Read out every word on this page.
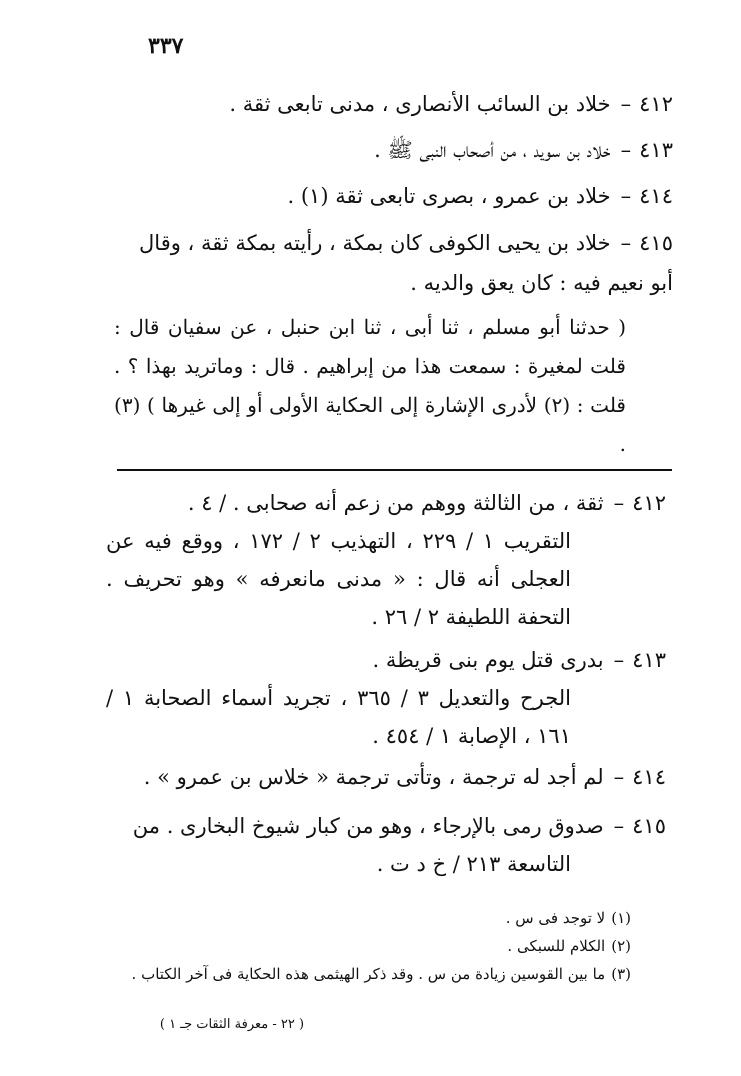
٣٣٧
٤١٢–خلاد بن السائب الأنصارى ، مدنى تابعى ثقة .
٤١٣–خلاد بن سويد ، من أصحاب النبى ﷺ .
٤١٤–خلاد بن عمرو ، بصرى تابعى ثقة (١) .
٤١٥–خلاد بن يحيى الكوفى كان بمكة ، رأيته بمكة ثقة ، وقال أبو نعيم فيه : كان يعق والديه .
( حدثنا أبو مسلم ، ثنا أبى ، ثنا ابن حنبل ، عن سفيان قال : قلت لمغيرة : سمعت هذا من إبراهيم . قال : وماتريد بهذا ؟ . قلت : (٢) لأدرى الإشارة إلى الحكاية الأولى أو إلى غيرها ) (٣) .
٤١٢–ثقة ، من الثالثة ووهم من زعم أنه صحابى . / ٤ .
التقريب ١ / ٢٢٩ ، التهذيب ٢ / ١٧٢ ، ووقع فيه عن العجلى أنه قال : « مدنى مانعرفه » وهو تحريف . التحفة اللطيفة ٢ / ٢٦ .
٤١٣–بدرى قتل يوم بنى قريظة .
الجرح والتعديل ٣ / ٣٦٥ ، تجريد أسماء الصحابة ١ / ١٦١ ، الإصابة ١ / ٤٥٤ .
٤١٤–لم أجد له ترجمة ، وتأتى ترجمة « خلاس بن عمرو » .
٤١٥–صدوق رمى بالإرجاء ، وهو من كبار شيوخ البخارى . من
التاسعة ٢١٣ / خ د ت .
(١)لا توجد فى س .
(٢)الكلام للسبكى .
(٣)ما بين القوسين زيادة من س . وقد ذكر الهيثمى هذه الحكاية فى آخر الكتاب .
( ٢٢ - معرفة الثقات جـ ١ )
